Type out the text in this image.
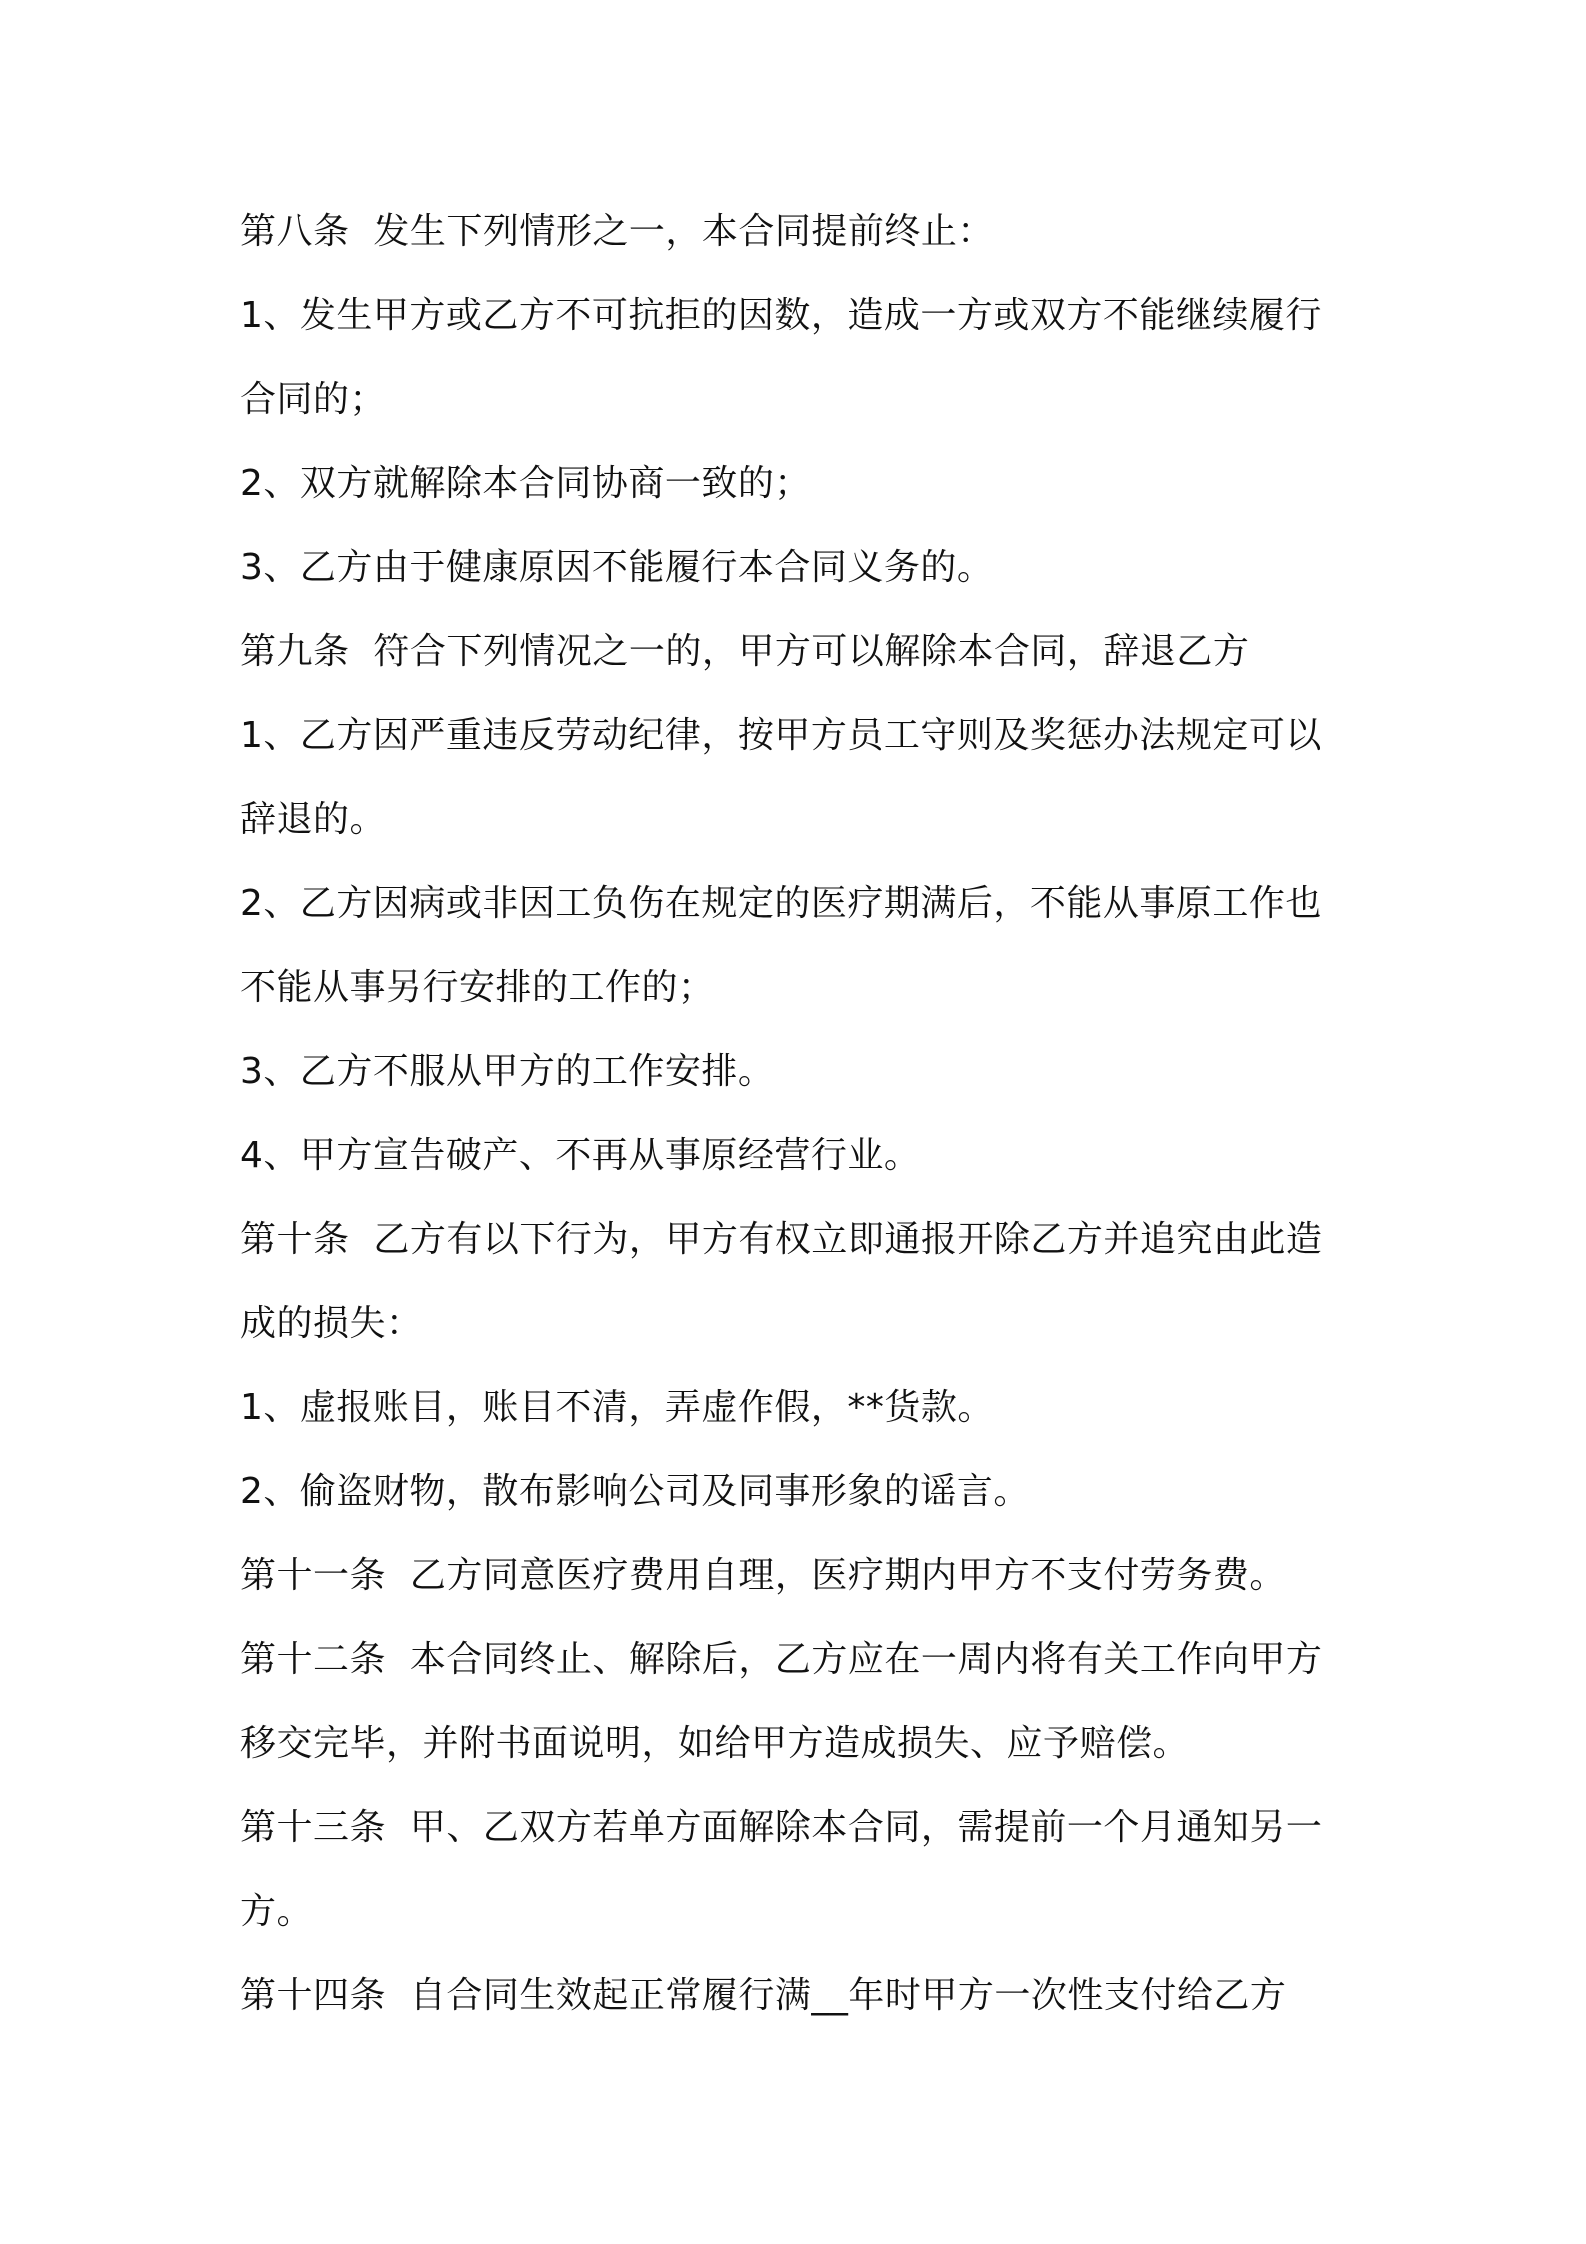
第八条  发生下列情形之一，本合同提前终止：
1、发生甲方或乙方不可抗拒的因数，造成一方或双方不能继续履行
合同的；
2、双方就解除本合同协商一致的；
3、乙方由于健康原因不能履行本合同义务的。
第九条  符合下列情况之一的，甲方可以解除本合同，辞退乙方
1、乙方因严重违反劳动纪律，按甲方员工守则及奖惩办法规定可以
辞退的。
2、乙方因病或非因工负伤在规定的医疗期满后，不能从事原工作也
不能从事另行安排的工作的；
3、乙方不服从甲方的工作安排。
4、甲方宣告破产、不再从事原经营行业。
第十条  乙方有以下行为，甲方有权立即通报开除乙方并追究由此造
成的损失：
1、虚报账目，账目不清，弄虚作假，**货款。
2、偷盗财物，散布影响公司及同事形象的谣言。
第十一条  乙方同意医疗费用自理，医疗期内甲方不支付劳务费。
第十二条  本合同终止、解除后，乙方应在一周内将有关工作向甲方
移交完毕，并附书面说明，如给甲方造成损失、应予赔偿。
第十三条  甲、乙双方若单方面解除本合同，需提前一个月通知另一
方。
第十四条  自合同生效起正常履行满__年时甲方一次性支付给乙方
